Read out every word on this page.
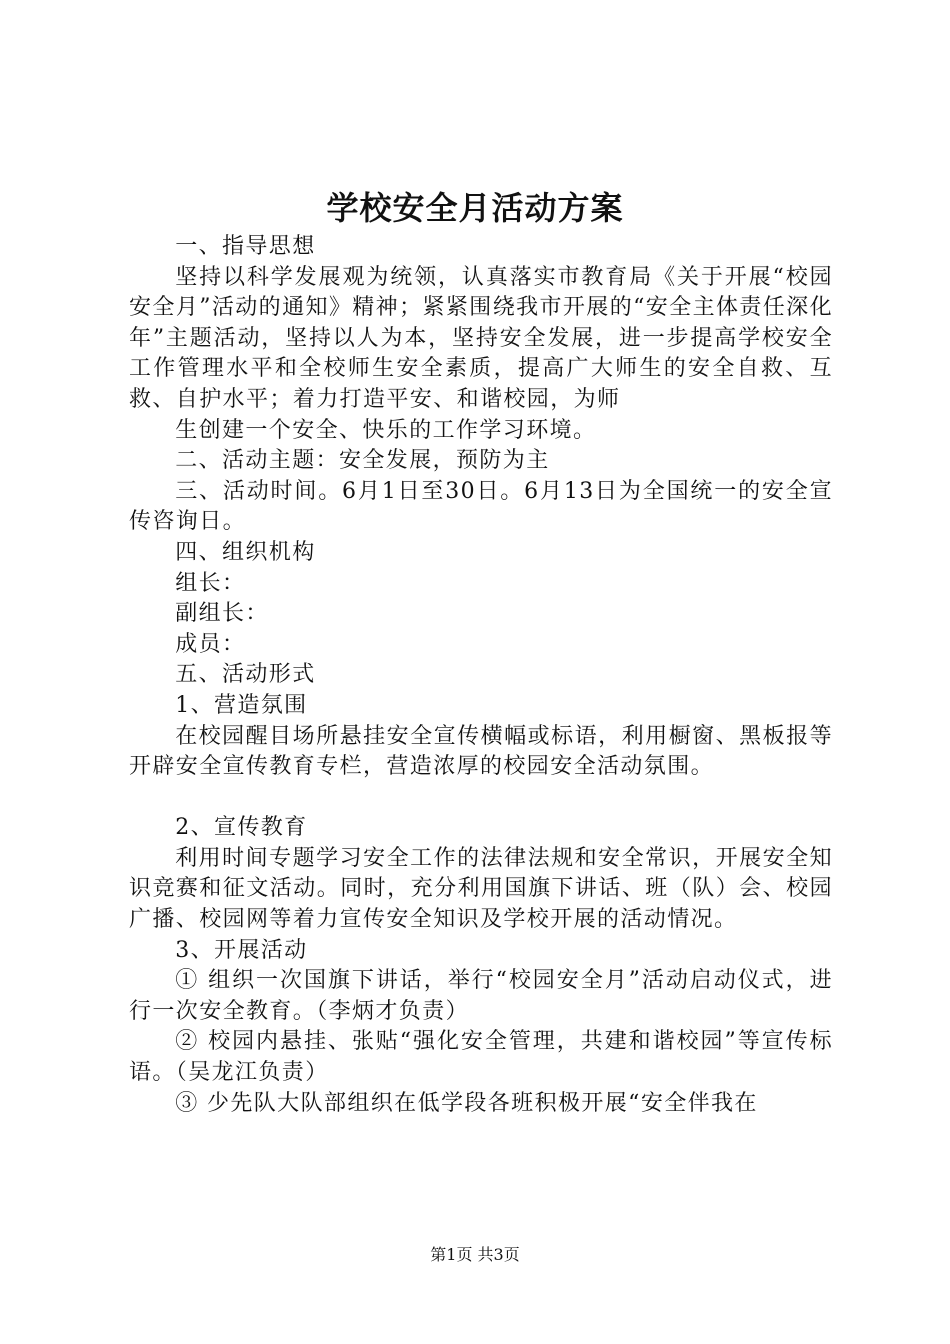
学校安全月活动方案

一、指导思想

坚持以科学发展观为统领，认真落实市教育局《关于开展“校园安全月”活动的通知》精神；紧紧围绕我市开展的“安全主体责任深化年”主题活动，坚持以人为本，坚持安全发展，进一步提高学校安全工作管理水平和全校师生安全素质，提高广大师生的安全自救、互救、自护水平；着力打造平安、和谐校园，为师

生创建一个安全、快乐的工作学习环境。

二、活动主题：安全发展，预防为主

三、活动时间。6月1日至30日。6月13日为全国统一的安全宣传咨询日。

四、组织机构

组长：

副组长：

成员：

五、活动形式

1、营造氛围

在校园醒目场所悬挂安全宣传横幅或标语，利用橱窗、黑板报等开辟安全宣传教育专栏，营造浓厚的校园安全活动氛围。

2、宣传教育

利用时间专题学习安全工作的法律法规和安全常识，开展安全知识竞赛和征文活动。同时，充分利用国旗下讲话、班（队）会、校园广播、校园网等着力宣传安全知识及学校开展的活动情况。

3、开展活动

① 组织一次国旗下讲话，举行“校园安全月”活动启动仪式，进行一次安全教育。（李炳才负责）

② 校园内悬挂、张贴“强化安全管理，共建和谐校园”等宣传标语。（吴龙江负责）

③ 少先队大队部组织在低学段各班积极开展“安全伴我在

第1页 共3页
